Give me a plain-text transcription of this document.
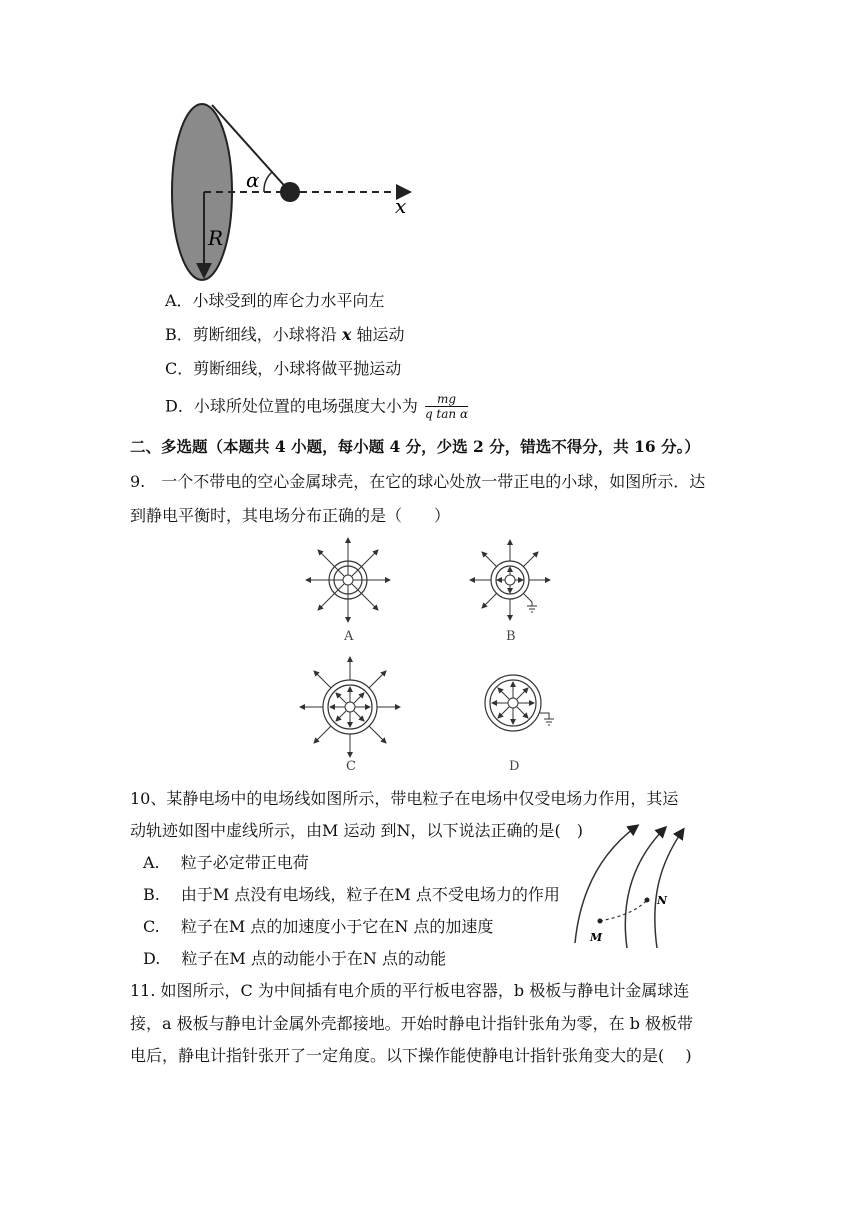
α
R
x
A．小球受到的库仑力水平向左
B．剪断细线，小球将沿 x 轴运动
C．剪断细线，小球将做平抛运动
D．小球所处位置的电场强度大小为 $\frac{mg}{\text{q tan α}}$
二、多选题（本题共 4 小题，每小题 4 分，少选 2 分，错选不得分，共 16 分。）
9.　一个不带电的空心金属球壳，在它的球心处放一带正电的小球，如图所示．达
到静电平衡时，其电场分布正确的是（　　）
A	B
C	D
10、某静电场中的电场线如图所示，带电粒子在电场中仅受电场力作用，其运
动轨迹如图中虚线所示，由M 运动 到N，以下说法正确的是(　)
A.　 粒子必定带正电荷
B.　 由于M 点没有电场线，粒子在M 点不受电场力的作用
C.　 粒子在M 点的加速度小于它在N 点的加速度
D.　 粒子在M 点的动能小于在N 点的动能
M
N
11. 如图所示，C 为中间插有电介质的平行板电容器，b 极板与静电计金属球连
接，a 极板与静电计金属外壳都接地。开始时静电计指针张角为零，在 b 极板带
电后，静电计指针张开了一定角度。以下操作能使静电计指针张角变大的是(　 )
